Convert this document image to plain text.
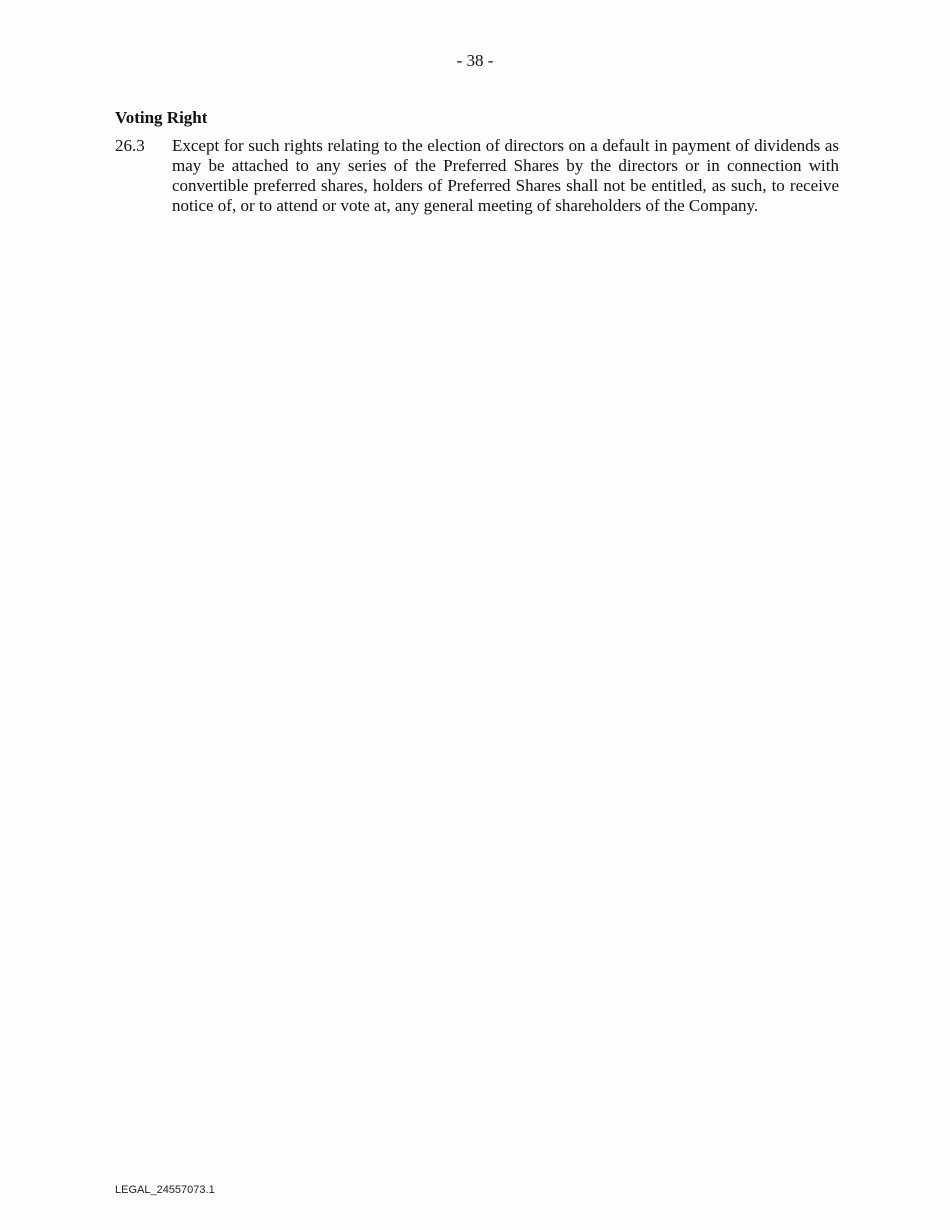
- 38 -
Voting Right
26.3 Except for such rights relating to the election of directors on a default in payment of dividends as may be attached to any series of the Preferred Shares by the directors or in connection with convertible preferred shares, holders of Preferred Shares shall not be entitled, as such, to receive notice of, or to attend or vote at, any general meeting of shareholders of the Company.
LEGAL_24557073.1
